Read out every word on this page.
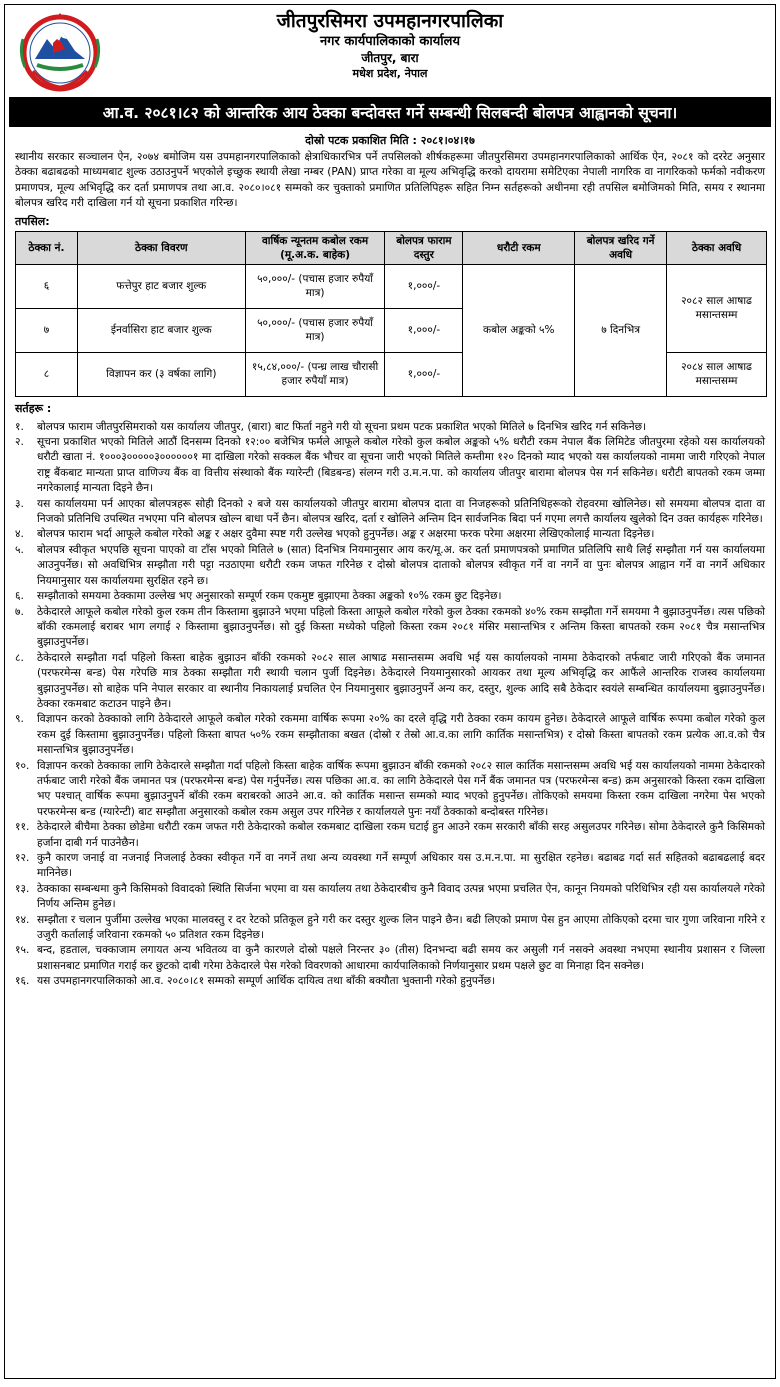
जीतपुरसिमरा उपमहानगरपालिका
नगर कार्यपालिकाको कार्यालय
जीतपुर, बारा
मधेश प्रदेश, नेपाल
आ.व. २०८१।८२ को आन्तरिक आय ठेक्का बन्दोवस्त गर्ने सम्बन्धी सिलबन्दी बोलपत्र आह्वानको सूचना।
दोस्रो पटक प्रकाशित मिति : २०८१।०४।१७
स्थानीय सरकार सञ्चालन ऐन, २०७४ बमोजिम यस उपमहानगरपालिकाको क्षेत्राधिकारभित्र पर्ने तपसिलको शीर्षकहरूमा जीतपुरसिमरा उपमहानगरपालिकाको आर्थिक ऐन, २०८१ को दररेट अनुसार ठेक्का बढाबढको माध्यमबाट शुल्क उठाउनुपर्ने भएकोले इच्छुक स्थायी लेखा नम्बर (PAN) प्राप्त गरेका वा मूल्य अभिवृद्धि करको दायरामा समेटिएका नेपाली नागरिक वा नागरिकको फर्मको नवीकरण प्रमाणपत्र, मूल्य अभिवृद्धि कर दर्ता प्रमाणपत्र तथा आ.व. २०८०।०८१ सम्मको कर चुक्ताको प्रमाणित प्रतिलिपिहरू सहित निम्न सर्तहरूको अधीनमा रही तपसिल बमोजिमको मिति, समय र स्थानमा बोलपत्र खरिद गरी दाखिला गर्न यो सूचना प्रकाशित गरिन्छ।
तपसिल:
ठेक्का नं.	ठेक्का विवरण	वार्षिक न्यूनतम कबोल रकम (मू.अ.क. बाहेक)	बोलपत्र फाराम दस्तुर	धरौटी रकम	बोलपत्र खरिद गर्ने अवधि	ठेक्का अवधि
६	फत्तेपुर हाट बजार शुल्क	५०,०००/- (पचास हजार रुपैयाँ मात्र)	१,०००/-	कबोल अङ्कको ५%	७ दिनभित्र	२०८२ साल आषाढ मसान्तसम्म
७	ईनर्वासिरा हाट बजार शुल्क	५०,०००/- (पचास हजार रुपैयाँ मात्र)	१,०००/-			
८	विज्ञापन कर (३ वर्षका लागि)	१५,८४,०००/- (पन्ध्र लाख चौरासी हजार रुपैयाँ मात्र)	१,०००/-			२०८४ साल आषाढ मसान्तसम्म
सर्तहरू :
१.	बोलपत्र फाराम जीतपुरसिमराको यस कार्यालय जीतपुर, (बारा) बाट फिर्ता नहुने गरी यो सूचना प्रथम पटक प्रकाशित भएको मितिले ७ दिनभित्र खरिद गर्न सकिनेछ।
२.	सूचना प्रकाशित भएको मितिले आठौं दिनसम्म दिनको १२:०० बजेभित्र फर्मले आफूले कबोल गरेको कुल कबोल अङ्कको ५% धरौटी रकम नेपाल बैंक लिमिटेड जीतपुरमा रहेको यस कार्यालयको धरौटी खाता नं. १०००३०००००३००००००१ मा दाखिला गरेको सक्कल बैंक भौचर वा सूचना जारी भएको मितिले कम्तीमा १२० दिनको म्याद भएको यस कार्यालयको नाममा जारी गरिएको नेपाल राष्ट्र बैंकबाट मान्यता प्राप्त वाणिज्य बैंक वा वित्तीय संस्थाको बैंक ग्यारेन्टी (बिडबन्ड) संलग्न गरी उ.म.न.पा. को कार्यालय जीतपुर बारामा बोलपत्र पेस गर्न सकिनेछ। धरौटी बापतको रकम जम्मा नगरेकालाई मान्यता दिइने छैन।
३.	यस कार्यालयमा पर्न आएका बोलपत्रहरू सोही दिनको २ बजे यस कार्यालयको जीतपुर बारामा बोलपत्र दाता वा निजहरूको प्रतिनिधिहरूको रोहवरमा खोलिनेछ। सो समयमा बोलपत्र दाता वा निजको प्रतिनिधि उपस्थित नभएमा पनि बोलपत्र खोल्न बाधा पर्ने छैन। बोलपत्र खरिद, दर्ता र खोलिने अन्तिम दिन सार्वजनिक बिदा पर्न गएमा लगत्तै कार्यालय खुलेको दिन उक्त कार्यहरू गरिनेछ।
४.	बोलपत्र फाराम भर्दा आफूले कबोल गरेको अङ्क र अक्षर दुवैमा स्पष्ट गरी उल्लेख भएको हुनुपर्नेछ। अङ्क र अक्षरमा फरक परेमा अक्षरमा लेखिएकोलाई मान्यता दिइनेछ।
५.	बोलपत्र स्वीकृत भएपछि सूचना पाएको वा टाँस भएको मितिले ७ (सात) दिनभित्र नियमानुसार आय कर/मू.अ. कर दर्ता प्रमाणपत्रको प्रमाणित प्रतिलिपि साथै लिई सम्झौता गर्न यस कार्यालयमा आउनुपर्नेछ। सो अवधिभित्र सम्झौता गरी पट्टा नउठाएमा धरौटी रकम जफत गरिनेछ र दोस्रो बोलपत्र दाताको बोलपत्र स्वीकृत गर्ने वा नगर्ने वा पुनः बोलपत्र आह्वान गर्ने वा नगर्ने अधिकार नियमानुसार यस कार्यालयमा सुरक्षित रहने छ।
६.	सम्झौताको समयमा ठेक्कामा उल्लेख भए अनुसारको सम्पूर्ण रकम एकमुष्ट बुझाएमा ठेक्का अङ्कको १०% रकम छुट दिइनेछ।
७.	ठेकेदारले आफूले कबोल गरेको कुल रकम तीन किस्तामा बुझाउने भएमा पहिलो किस्ता आफूले कबोल गरेको कुल ठेक्का रकमको ४०% रकम सम्झौता गर्ने समयमा नै बुझाउनुपर्नेछ। त्यस पछिको बाँकी रकमलाई बराबर भाग लगाई २ किस्तामा बुझाउनुपर्नेछ। सो दुई किस्ता मध्येको पहिलो किस्ता रकम २०८१ मंसिर मसान्तभित्र र अन्तिम किस्ता बापतको रकम २०८१ चैत्र मसान्तभित्र बुझाउनुपर्नेछ।
८.	ठेकेदारले सम्झौता गर्दा पहिलो किस्ता बाहेक बुझाउन बाँकी रकमको २०८२ साल आषाढ मसान्तसम्म अवधि भई यस कार्यालयको नाममा ठेकेदारको तर्फबाट जारी गरिएको बैंक जमानत (परफरमेन्स बन्ड) पेस गरेपछि मात्र ठेक्का सम्झौता गरी स्थायी चलान पुर्जी दिइनेछ। ठेकेदारले नियमानुसारको आयकर तथा मूल्य अभिवृद्धि कर आफैंले आन्तरिक राजस्व कार्यालयमा बुझाउनुपर्नेछ। सो बाहेक पनि नेपाल सरकार वा स्थानीय निकायलाई प्रचलित ऐन नियमानुसार बुझाउनुपर्ने अन्य कर, दस्तुर, शुल्क आदि सबै ठेकेदार स्वयंले सम्बन्धित कार्यालयमा बुझाउनुपर्नेछ। ठेक्का रकमबाट कटाउन पाइने छैन।
९.	विज्ञापन करको ठेक्काको लागि ठेकेदारले आफूले कबोल गरेको रकममा वार्षिक रूपमा २०% का दरले वृद्धि गरी ठेक्का रकम कायम हुनेछ। ठेकेदारले आफूले वार्षिक रूपमा कबोल गरेको कुल रकम दुई किस्तामा बुझाउनुपर्नेछ। पहिलो किस्ता बापत ५०% रकम सम्झौताका बखत (दोस्रो र तेस्रो आ.व.का लागि कार्तिक मसान्तभित्र) र दोस्रो किस्ता बापतको रकम प्रत्येक आ.व.को चैत्र मसान्तभित्र बुझाउनुपर्नेछ।
१०. विज्ञापन करको ठेक्काका लागि ठेकेदारले सम्झौता गर्दा पहिलो किस्ता बाहेक वार्षिक रूपमा बुझाउन बाँकी रकमको २०८२ साल कार्तिक मसान्तसम्म अवधि भई यस कार्यालयको नाममा ठेकेदारको तर्फबाट जारी गरेको बैंक जमानत पत्र (परफरमेन्स बन्ड) पेस गर्नुपर्नेछ। त्यस पछिका आ.व. का लागि ठेकेदारले पेस गर्ने बैंक जमानत पत्र (परफरमेन्स बन्ड) क्रम अनुसारको किस्ता रकम दाखिला भए पश्चात् वार्षिक रूपमा बुझाउनुपर्ने बाँकी रकम बराबरको आउने आ.व. को कार्तिक मसान्त सम्मको म्याद भएको हुनुपर्नेछ। तोकिएको समयमा किस्ता रकम दाखिला नगरेमा पेस भएको परफरमेन्स बन्ड (ग्यारेन्टी) बाट सम्झौता अनुसारको कबोल रकम असुल उपर गरिनेछ र कार्यालयले पुनः नयाँ ठेक्काको बन्दोबस्त गरिनेछ।
११. ठेकेदारले बीचैमा ठेक्का छोडेमा धरौटी रकम जफत गरी ठेकेदारको कबोल रकमबाट दाखिला रकम घटाई हुन आउने रकम सरकारी बाँकी सरह असुलउपर गरिनेछ। सोमा ठेकेदारले कुनै किसिमको हर्जाना दाबी गर्न पाउनेछैन।
१२. कुनै कारण जनाई वा नजनाई निजलाई ठेक्का स्वीकृत गर्ने वा नगर्ने तथा अन्य व्यवस्था गर्ने सम्पूर्ण अधिकार यस उ.म.न.पा. मा सुरक्षित रहनेछ। बढाबढ गर्दा सर्त सहितको बढाबढलाई बदर मानिनेछ।
१३. ठेक्काका सम्बन्धमा कुनै किसिमको विवादको स्थिति सिर्जना भएमा वा यस कार्यालय तथा ठेकेदारबीच कुनै विवाद उत्पन्न भएमा प्रचलित ऐन, कानून नियमको परिधिभित्र रही यस कार्यालयले गरेको निर्णय अन्तिम हुनेछ।
१४. सम्झौता र चलान पुर्जीमा उल्लेख भएका मालवस्तु र दर रेटको प्रतिकूल हुने गरी कर दस्तुर शुल्क लिन पाइने छैन। बढी लिएको प्रमाण पेस हुन आएमा तोकिएको दरमा चार गुणा जरिवाना गरिने र उजुरी कर्तालाई जरिवाना रकमको ५० प्रतिशत रकम दिइनेछ।
१५. बन्द, हडताल, चक्काजाम लगायत अन्य भवितव्य वा कुनै कारणले दोस्रो पक्षले निरन्तर ३० (तीस) दिनभन्दा बढी समय कर असुली गर्न नसक्ने अवस्था नभएमा स्थानीय प्रशासन र जिल्ला प्रशासनबाट प्रमाणित गराई कर छुटको दाबी गरेमा ठेकेदारले पेस गरेको विवरणको आधारमा कार्यपालिकाको निर्णयानुसार प्रथम पक्षले छुट वा मिनाहा दिन सक्नेछ।
१६. यस उपमहानगरपालिकाको आ.व. २०८०।८१ सम्मको सम्पूर्ण आर्थिक दायित्व तथा बाँकी बक्यौता भुक्तानी गरेको हुनुपर्नेछ।
